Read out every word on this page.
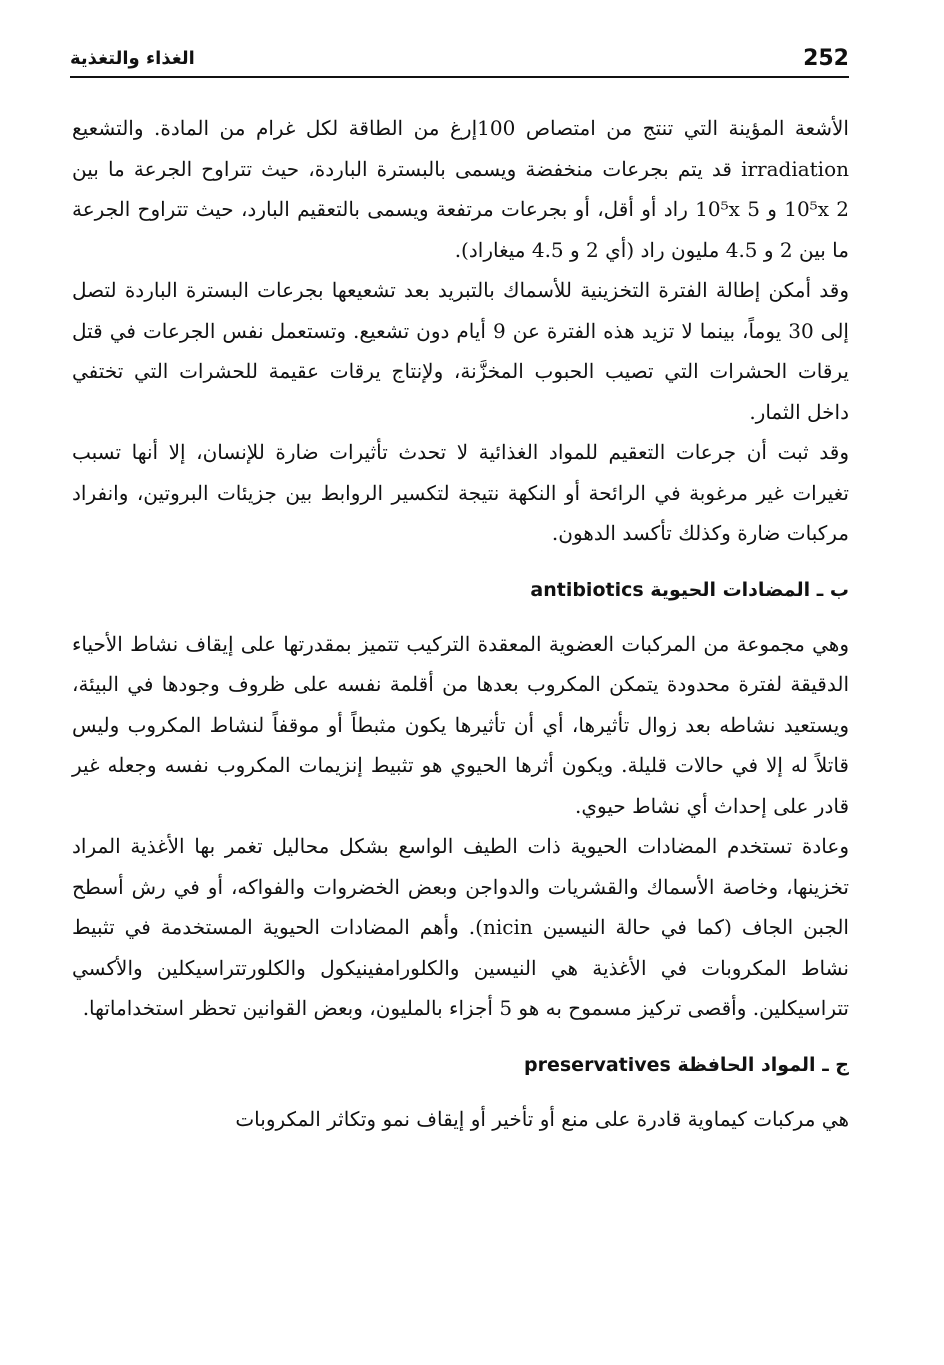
252
الغذاء والتغذية

الأشعة المؤينة التي تنتج من امتصاص 100إرغ من الطاقة لكل غرام من المادة. والتشعيع irradiation قد يتم بجرعات منخفضة ويسمى بالبسترة الباردة، حيث تتراوح الجرعة ما بين 10⁵x 2 و 10⁵x 5 راد أو أقل، أو بجرعات مرتفعة ويسمى بالتعقيم البارد، حيث تتراوح الجرعة ما بين 2 و 4.5 مليون راد (أي 2 و 4.5 ميغاراد).

وقد أمكن إطالة الفترة التخزينية للأسماك بالتبريد بعد تشعيعها بجرعات البسترة الباردة لتصل إلى 30 يوماً، بينما لا تزيد هذه الفترة عن 9 أيام دون تشعيع. وتستعمل نفس الجرعات في قتل يرقات الحشرات التي تصيب الحبوب المخزَّنة، ولإنتاج يرقات عقيمة للحشرات التي تختفي داخل الثمار.

وقد ثبت أن جرعات التعقيم للمواد الغذائية لا تحدث تأثيرات ضارة للإنسان، إلا أنها تسبب تغيرات غير مرغوبة في الرائحة أو النكهة نتيجة لتكسير الروابط بين جزيئات البروتين، وانفراد مركبات ضارة وكذلك تأكسد الدهون.

ب ـ المضادات الحيوية antibiotics

وهي مجموعة من المركبات العضوية المعقدة التركيب تتميز بمقدرتها على إيقاف نشاط الأحياء الدقيقة لفترة محدودة يتمكن المكروب بعدها من أقلمة نفسه على ظروف وجودها في البيئة، ويستعيد نشاطه بعد زوال تأثيرها، أي أن تأثيرها يكون مثبطاً أو موقفاً لنشاط المكروب وليس قاتلاً له إلا في حالات قليلة. ويكون أثرها الحيوي هو تثبيط إنزيمات المكروب نفسه وجعله غير قادر على إحداث أي نشاط حيوي.

وعادة تستخدم المضادات الحيوية ذات الطيف الواسع بشكل محاليل تغمر بها الأغذية المراد تخزينها، وخاصة الأسماك والقشريات والدواجن وبعض الخضروات والفواكه، أو في رش أسطح الجبن الجاف (كما في حالة النيسين nicin). وأهم المضادات الحيوية المستخدمة في تثبيط نشاط المكروبات في الأغذية هي النيسين والكلورامفينيكول والكلورتتراسيكلين والأكسي تتراسيكلين. وأقصى تركيز مسموح به هو 5 أجزاء بالمليون، وبعض القوانين تحظر استخداماتها.

ج ـ المواد الحافظة preservatives

هي مركبات كيماوية قادرة على منع أو تأخير أو إيقاف نمو وتكاثر المكروبات
